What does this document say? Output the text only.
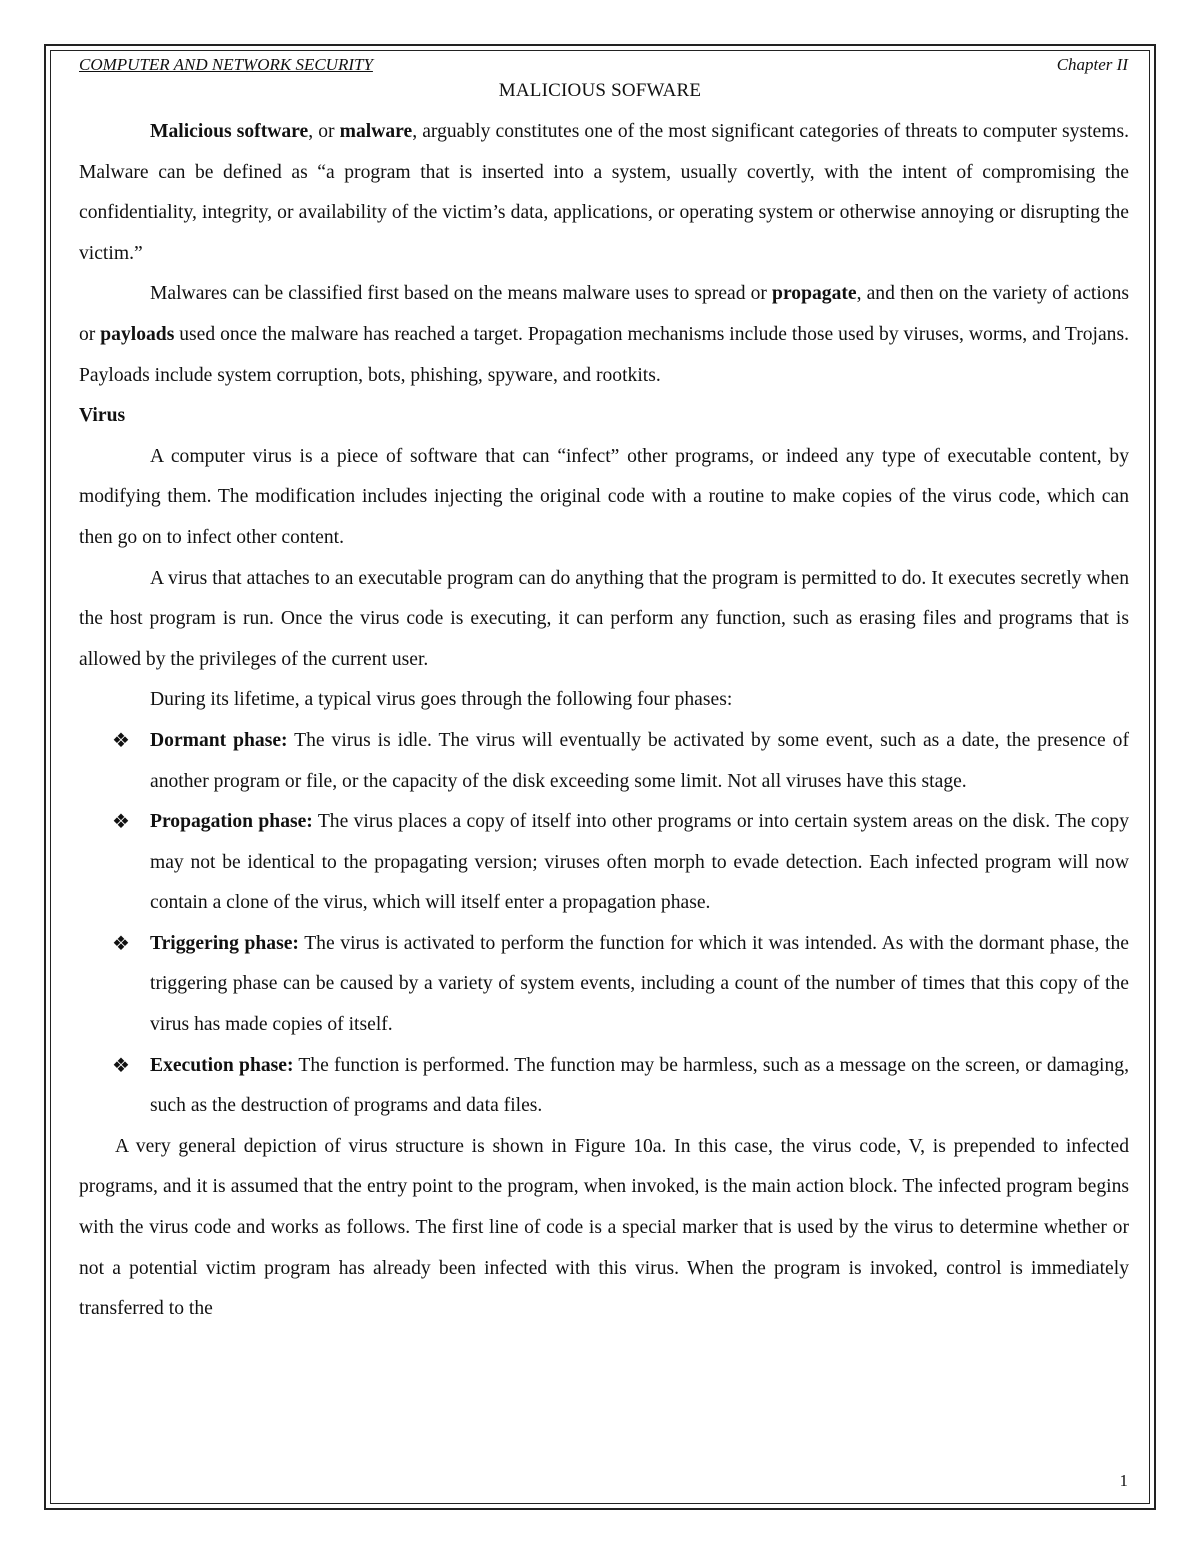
COMPUTER AND NETWORK SECURITY	Chapter II
MALICIOUS SOFWARE

Malicious software, or malware, arguably constitutes one of the most significant categories of threats to computer systems. Malware can be defined as “a program that is inserted into a system, usually covertly, with the intent of compromising the confidentiality, integrity, or availability of the victim’s data, applications, or operating system or otherwise annoying or disrupting the victim.”

Malwares can be classified first based on the means malware uses to spread or propagate, and then on the variety of actions or payloads used once the malware has reached a target. Propagation mechanisms include those used by viruses, worms, and Trojans. Payloads include system corruption, bots, phishing, spyware, and rootkits.

Virus

A computer virus is a piece of software that can “infect” other programs, or indeed any type of executable content, by modifying them. The modification includes injecting the original code with a routine to make copies of the virus code, which can then go on to infect other content.

A virus that attaches to an executable program can do anything that the program is permitted to do. It executes secretly when the host program is run. Once the virus code is executing, it can perform any function, such as erasing files and programs that is allowed by the privileges of the current user.

During its lifetime, a typical virus goes through the following four phases:

❖ Dormant phase: The virus is idle. The virus will eventually be activated by some event, such as a date, the presence of another program or file, or the capacity of the disk exceeding some limit. Not all viruses have this stage.
❖ Propagation phase: The virus places a copy of itself into other programs or into certain system areas on the disk. The copy may not be identical to the propagating version; viruses often morph to evade detection. Each infected program will now contain a clone of the virus, which will itself enter a propagation phase.
❖ Triggering phase: The virus is activated to perform the function for which it was intended. As with the dormant phase, the triggering phase can be caused by a variety of system events, including a count of the number of times that this copy of the virus has made copies of itself.
❖ Execution phase: The function is performed. The function may be harmless, such as a message on the screen, or damaging, such as the destruction of programs and data files.

A very general depiction of virus structure is shown in Figure 10a. In this case, the virus code, V, is prepended to infected programs, and it is assumed that the entry point to the program, when invoked, is the main action block. The infected program begins with the virus code and works as follows. The first line of code is a special marker that is used by the virus to determine whether or not a potential victim program has already been infected with this virus. When the program is invoked, control is immediately transferred to the

1
